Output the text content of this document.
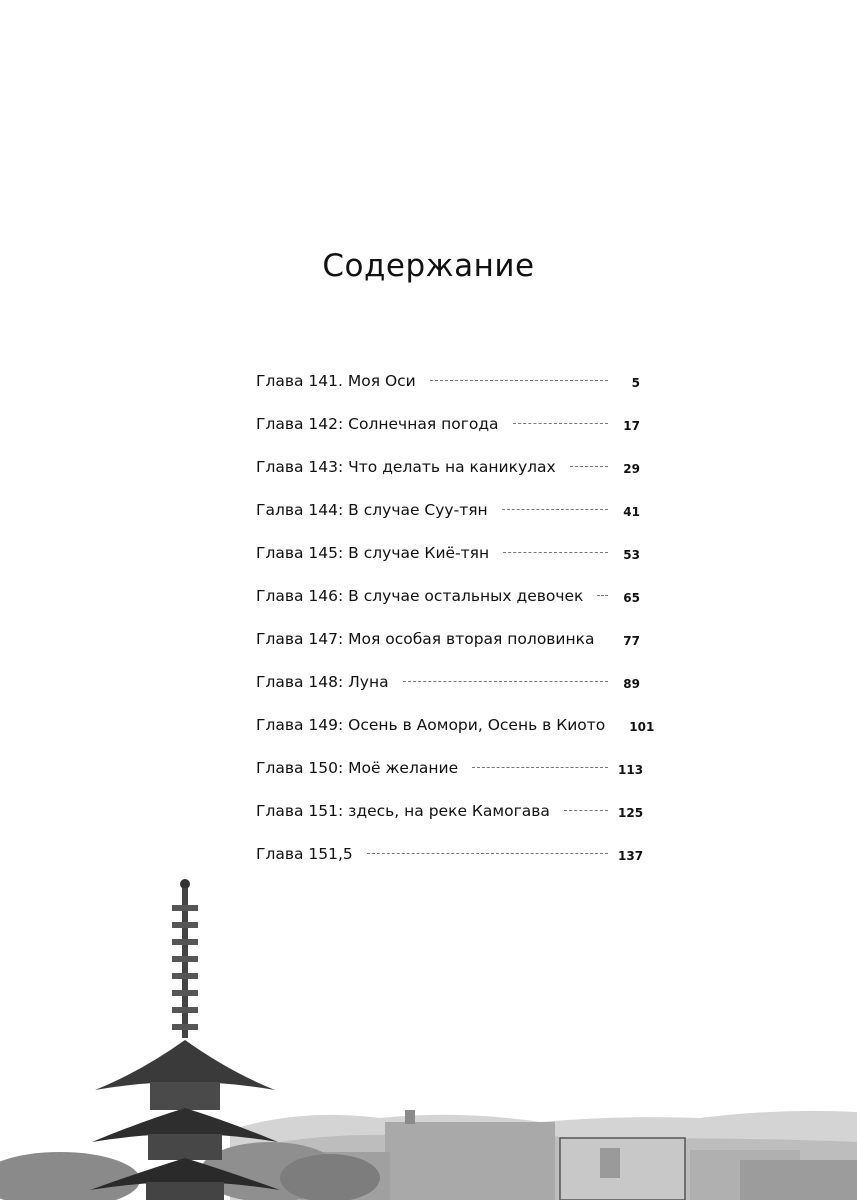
Содержание
Глава 141. Моя Оси	5
Глава 142: Солнечная погода	17
Глава 143: Что делать на каникулах	29
Галва 144: В случае Суу-тян	41
Глава 145: В случае Киё-тян	53
Глава 146: В случае остальных девочек	65
Глава 147: Моя особая вторая половинка	77
Глава 148: Луна	89
Глава 149: Осень в Аомори, Осень в Киото 101
Глава 150: Моё желание	113
Глава 151: здесь, на реке Камогава	125
Глава 151,5	137
